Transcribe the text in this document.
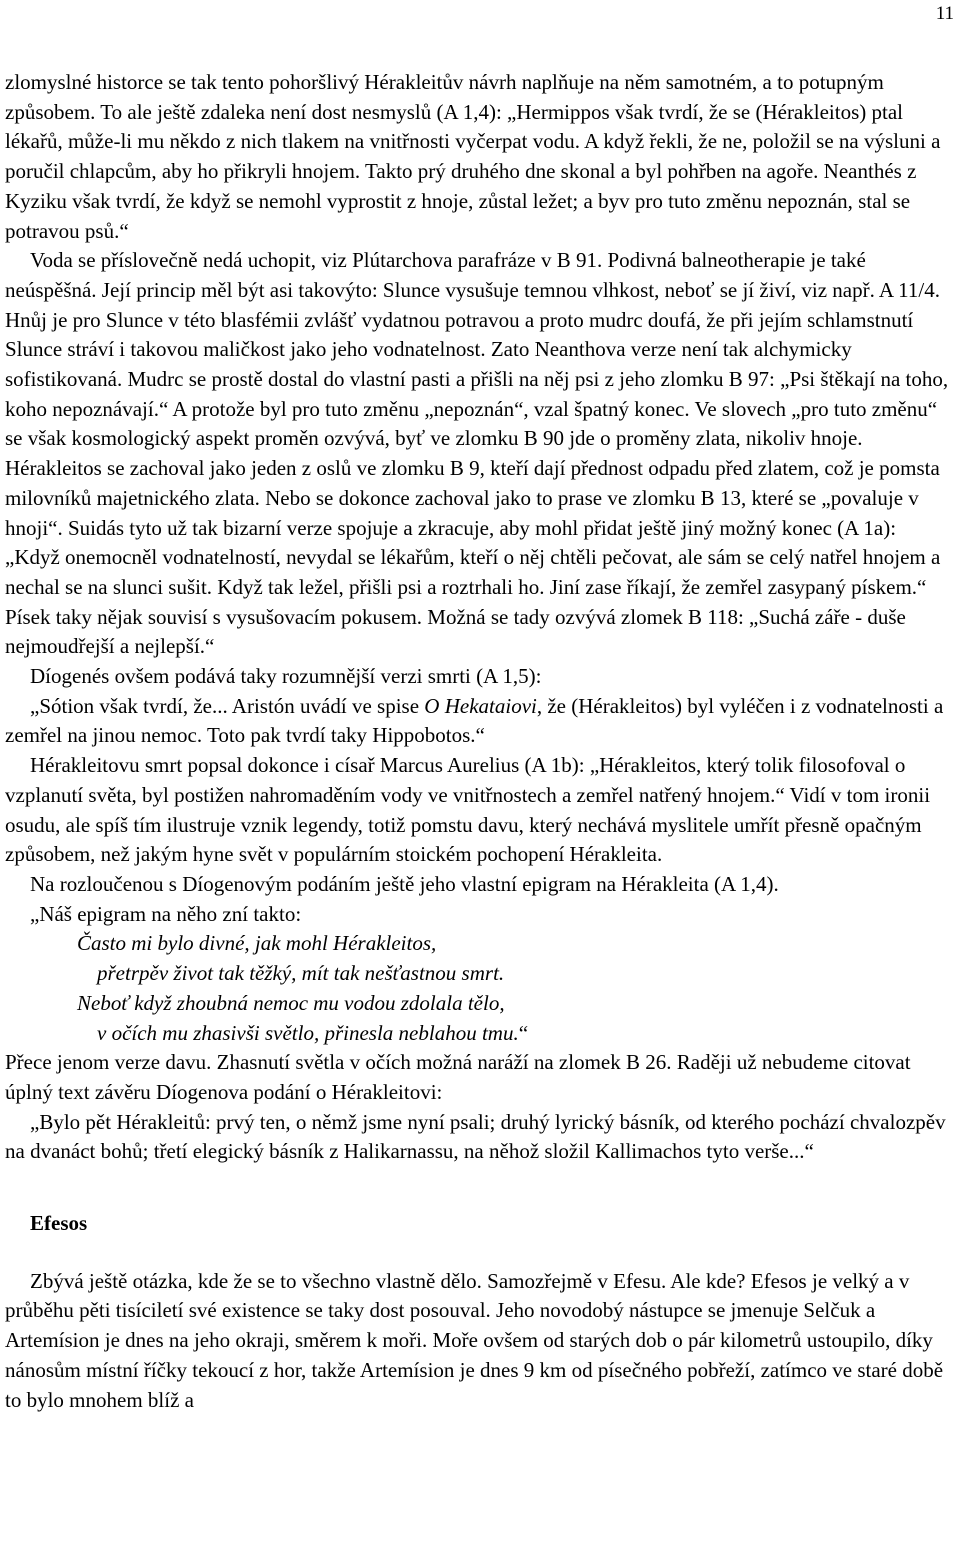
11

zlomyslné historce se tak tento pohoršlivý Hérakleitův návrh naplňuje na něm samotném, a to potupným způsobem. To ale ještě zdaleka není dost nesmyslů (A 1,4): „Hermippos však tvrdí, že se (Hérakleitos) ptal lékařů, může-li mu někdo z nich tlakem na vnitřnosti vyčerpat vodu. A když řekli, že ne, položil se na výsluni a poručil chlapcům, aby ho přikryli hnojem. Takto prý druhého dne skonal a byl pohřben na agoře. Neanthés z Kyziku však tvrdí, že když se nemohl vyprostit z hnoje, zůstal ležet; a byv pro tuto změnu nepoznán, stal se potravou psů.“

Voda se příslovečně nedá uchopit, viz Plútarchova parafráze v B 91. Podivná balneotherapie je také neúspěšná. Její princip měl být asi takovýto: Slunce vysušuje temnou vlhkost, neboť se jí živí, viz např. A 11/4. Hnůj je pro Slunce v této blasfémii zvlášť vydatnou potravou a proto mudrc doufá, že při jejím schlamstnutí Slunce stráví i takovou maličkost jako jeho vodnatelnost. Zato Neanthova verze není tak alchymicky sofistikovaná. Mudrc se prostě dostal do vlastní pasti a přišli na něj psi z jeho zlomku B 97: „Psi štěkají na toho, koho nepoznávají.“ A protože byl pro tuto změnu „nepoznán“, vzal špatný konec. Ve slovech „pro tuto změnu“ se však kosmologický aspekt proměn ozvývá, byť ve zlomku B 90 jde o proměny zlata, nikoliv hnoje. Hérakleitos se zachoval jako jeden z oslů ve zlomku B 9, kteří dají přednost odpadu před zlatem, což je pomsta milovníků majetnického zlata. Nebo se dokonce zachoval jako to prase ve zlomku B 13, které se „povaluje v hnoji“. Suidás tyto už tak bizarní verze spojuje a zkracuje, aby mohl přidat ještě jiný možný konec (A 1a): „Když onemocněl vodnatelností, nevydal se lékařům, kteří o něj chtěli pečovat, ale sám se celý natřel hnojem a nechal se na slunci sušit. Když tak ležel, přišli psi a roztrhali ho. Jiní zase říkají, že zemřel zasypaný pískem.“ Písek taky nějak souvisí s vysušovacím pokusem. Možná se tady ozvývá zlomek B 118: „Suchá záře - duše nejmoudřejší a nejlepší.“

Díogenés ovšem podává taky rozumnější verzi smrti (A 1,5):

„Sótion však tvrdí, že... Aristón uvádí ve spise O Hekataiovi, že (Hérakleitos) byl vyléčen i z vodnatelnosti a zemřel na jinou nemoc. Toto pak tvrdí taky Hippobotos.“

Hérakleitovu smrt popsal dokonce i císař Marcus Aurelius (A 1b): „Hérakleitos, který tolik filosofoval o vzplanutí světa, byl postižen nahromaděním vody ve vnitřnostech a zemřel natřený hnojem.“ Vidí v tom ironii osudu, ale spíš tím ilustruje vznik legendy, totiž pomstu davu, který nechává myslitele umřít přesně opačným způsobem, než jakým hyne svět v populárním stoickém pochopení Hérakleita.

Na rozloučenou s Díogenovým podáním ještě jeho vlastní epigram na Hérakleita (A 1,4).

„Náš epigram na něho zní takto:

Často mi bylo divné, jak mohl Hérakleitos,
přetrpěv život tak těžký, mít tak nešťastnou smrt.
Neboť když zhoubná nemoc mu vodou zdolala tělo,
v očích mu zhasivši světlo, přinesla neblahou tmu.“

Přece jenom verze davu. Zhasnutí světla v očích možná naráží na zlomek B 26. Raději už nebudeme citovat úplný text závěru Díogenova podání o Hérakleitovi:

„Bylo pět Hérakleitů: prvý ten, o němž jsme nyní psali; druhý lyrický básník, od kterého pochází chvalozpěv na dvanáct bohů; třetí elegický básník z Halikarnassu, na něhož složil Kallimachos tyto verše...“

Efesos

Zbývá ještě otázka, kde že se to všechno vlastně dělo. Samozřejmě v Efesu. Ale kde? Efesos je velký a v průběhu pěti tisíciletí své existence se taky dost posouval. Jeho novodobý nástupce se jmenuje Selčuk a Artemísion je dnes na jeho okraji, směrem k moři. Moře ovšem od starých dob o pár kilometrů ustoupilo, díky nánosům místní říčky tekoucí z hor, takže Artemísion je dnes 9 km od písečného pobřeží, zatímco ve staré době to bylo mnohem blíž a
